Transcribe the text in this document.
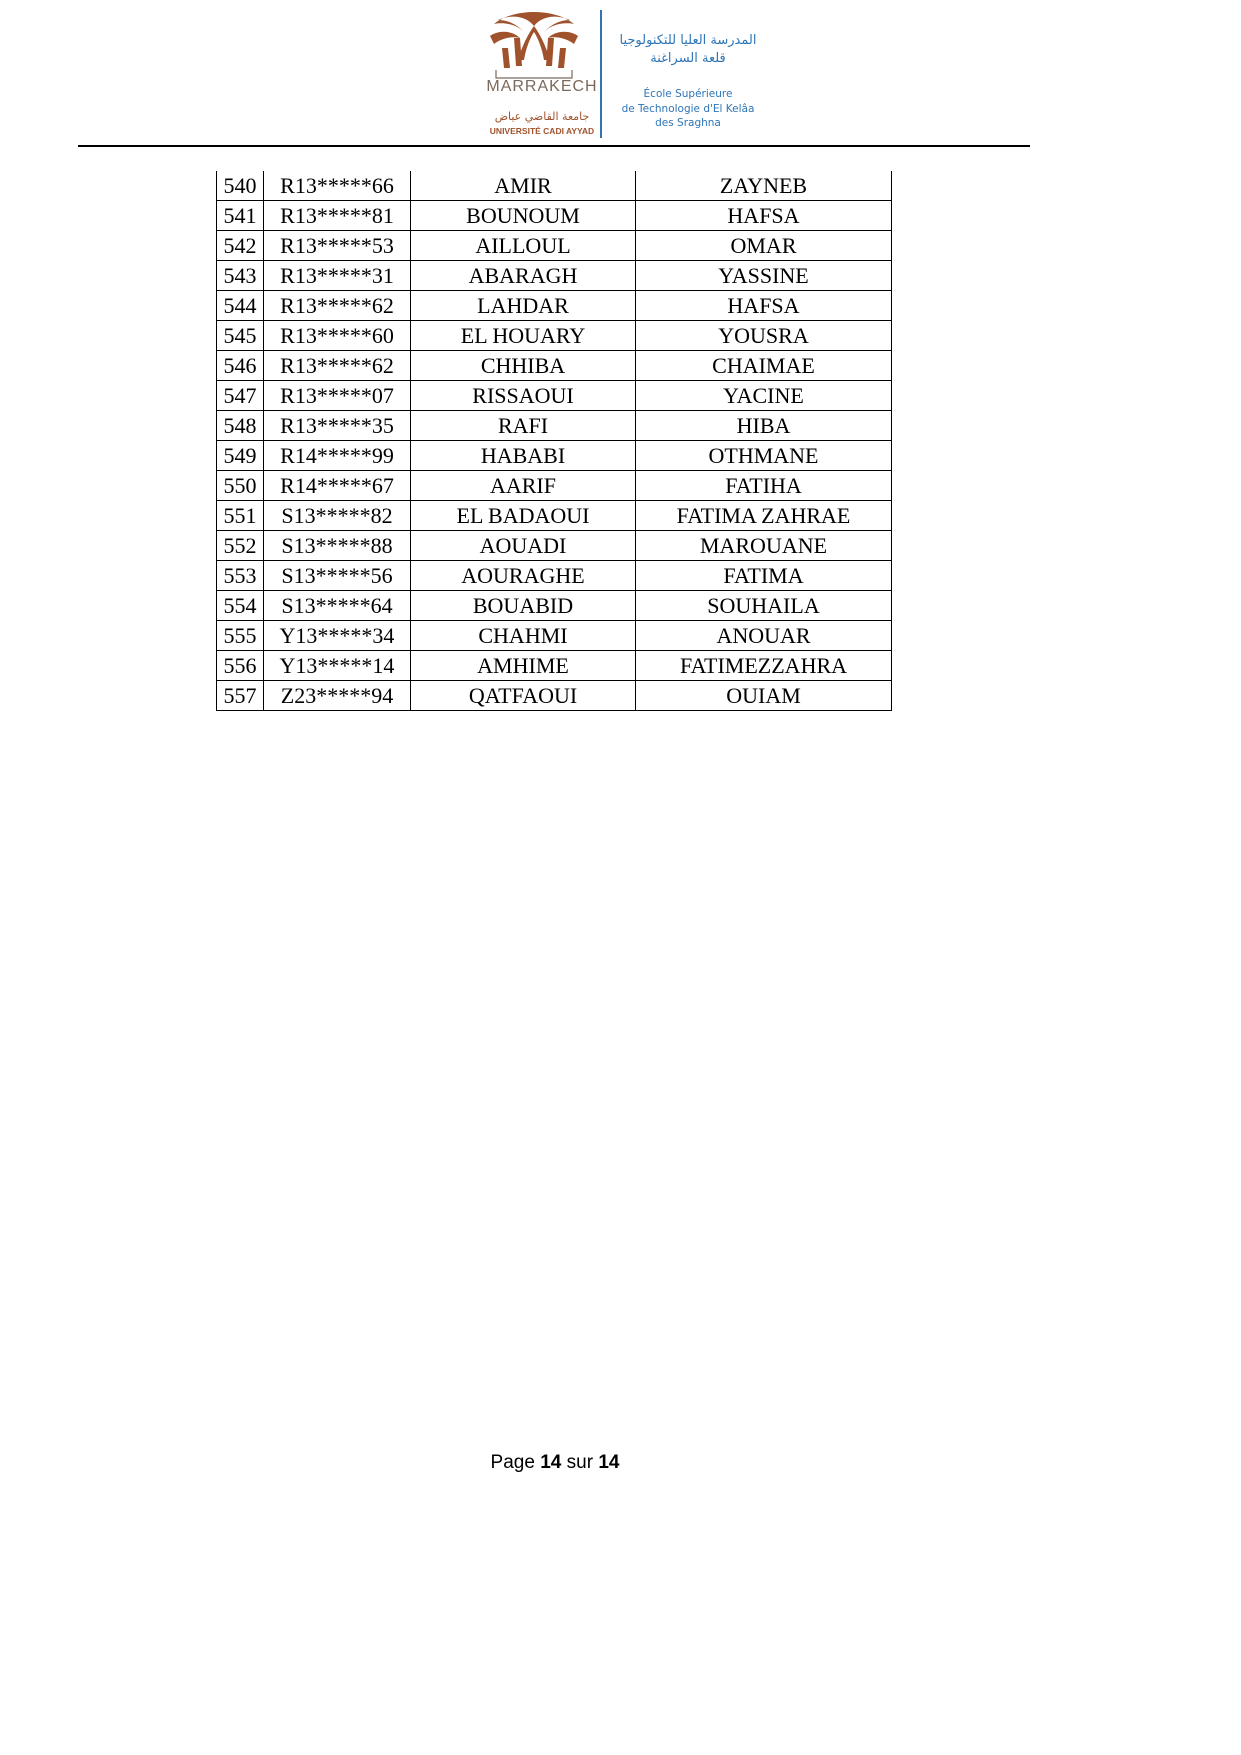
MARRAKECH
جامعة القاضي عياض
UNIVERSITÉ CADI AYYAD
المدرسة العليا للتكنولوجيا
قلعة السراغنة
École Supérieure
de Technologie d'El Kelâa
des Sraghna
540	R13*****66	AMIR	ZAYNEB
541	R13*****81	BOUNOUM	HAFSA
542	R13*****53	AILLOUL	OMAR
543	R13*****31	ABARAGH	YASSINE
544	R13*****62	LAHDAR	HAFSA
545	R13*****60	EL HOUARY	YOUSRA
546	R13*****62	CHHIBA	CHAIMAE
547	R13*****07	RISSAOUI	YACINE
548	R13*****35	RAFI	HIBA
549	R14*****99	HABABI	OTHMANE
550	R14*****67	AARIF	FATIHA
551	S13*****82	EL BADAOUI	FATIMA ZAHRAE
552	S13*****88	AOUADI	MAROUANE
553	S13*****56	AOURAGHE	FATIMA
554	S13*****64	BOUABID	SOUHAILA
555	Y13*****34	CHAHMI	ANOUAR
556	Y13*****14	AMHIME	FATIMEZZAHRA
557	Z23*****94	QATFAOUI	OUIAM
Page 14 sur 14
